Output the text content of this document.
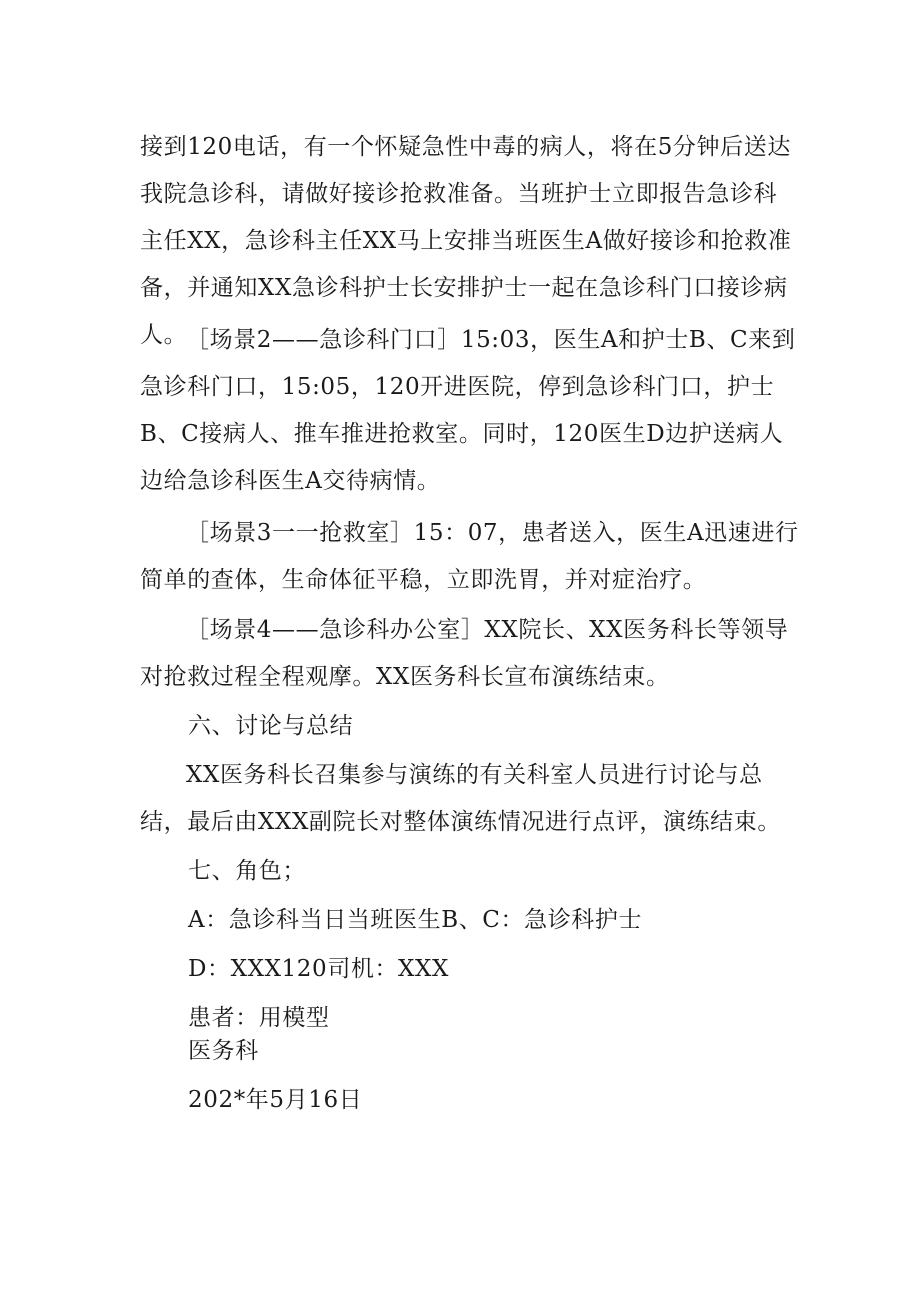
接到120电话，有一个怀疑急性中毒的病人，将在5分钟后送达我院急诊科，请做好接诊抢救准备。当班护士立即报告急诊科主任XX，急诊科主任XX马上安排当班医生A做好接诊和抢救准备，并通知XX急诊科护士长安排护士一起在急诊科门口接诊病人。

［场景2——急诊科门口］15:03，医生A和护士B、C来到急诊科门口，15:05，120开进医院，停到急诊科门口，护士B、C接病人、推车推进抢救室。同时，120医生D边护送病人边给急诊科医生A交待病情。

［场景3一一抢救室］15：07，患者送入，医生A迅速进行简单的查体，生命体征平稳，立即洗胃，并对症治疗。

［场景4——急诊科办公室］XX院长、XX医务科长等领导对抢救过程全程观摩。XX医务科长宣布演练结束。

六、讨论与总结

XX医务科长召集参与演练的有关科室人员进行讨论与总结，最后由XXX副院长对整体演练情况进行点评，演练结束。

七、角色；

A：急诊科当日当班医生B、C：急诊科护士

D：XXX120司机：XXX

患者：用模型

医务科

202*年5月16日
